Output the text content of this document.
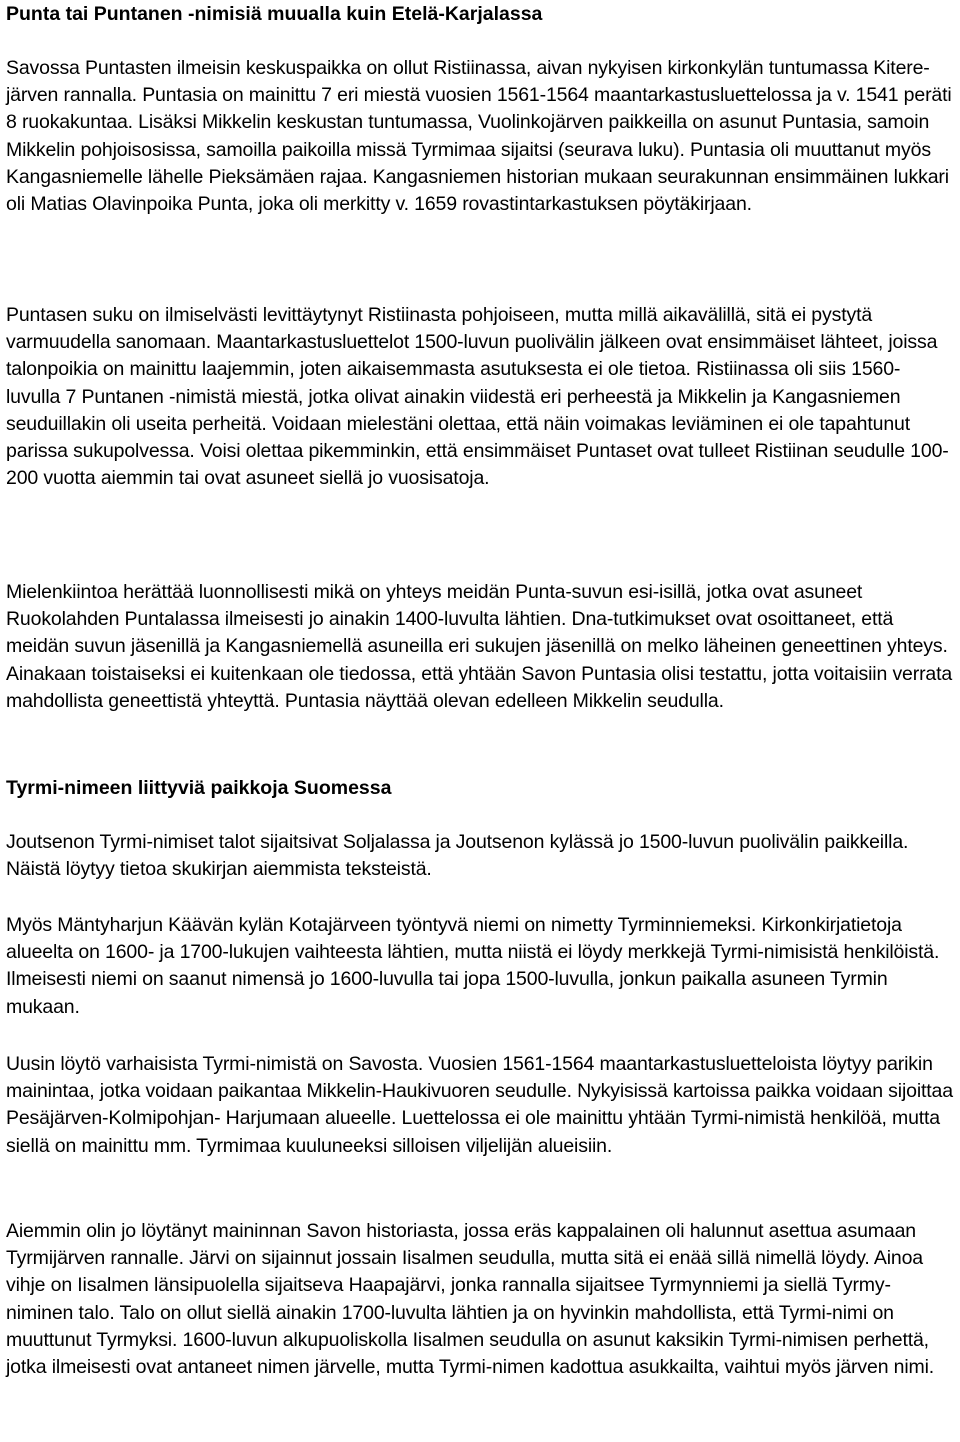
Punta tai Puntanen -nimisiä muualla kuin Etelä-Karjalassa

Savossa Puntasten ilmeisin keskuspaikka on ollut Ristiinassa, aivan nykyisen kirkonkylän tuntumassa Kitere-järven rannalla. Puntasia on mainittu 7 eri miestä vuosien 1561-1564 maantarkastusluettelossa ja v. 1541 peräti 8 ruokakuntaa. Lisäksi Mikkelin keskustan tuntumassa, Vuolinkojärven paikkeilla on asunut Puntasia, samoin Mikkelin pohjoisosissa, samoilla paikoilla missä Tyrmimaa sijaitsi (seurava luku). Puntasia oli muuttanut myös Kangasniemelle lähelle Pieksämäen rajaa. Kangasniemen historian mukaan seurakunnan ensimmäinen lukkari oli Matias Olavinpoika Punta, joka oli merkitty v. 1659 rovastintarkastuksen pöytäkirjaan.

Puntasen suku on ilmiselvästi levittäytynyt Ristiinasta pohjoiseen, mutta millä aikavälillä, sitä ei pystytä varmuudella sanomaan. Maantarkastusluettelot 1500-luvun puolivälin jälkeen ovat ensimmäiset lähteet, joissa talonpoikia on mainittu laajemmin, joten aikaisemmasta asutuksesta ei ole tietoa. Ristiinassa oli siis 1560-luvulla 7 Puntanen -nimistä miestä, jotka olivat ainakin viidestä eri perheestä ja Mikkelin ja Kangasniemen seuduillakin oli useita perheitä. Voidaan mielestäni olettaa, että näin voimakas leviäminen ei ole tapahtunut parissa sukupolvessa. Voisi olettaa pikemminkin, että ensimmäiset Puntaset ovat tulleet Ristiinan seudulle 100-200 vuotta aiemmin tai ovat asuneet siellä jo vuosisatoja.

Mielenkiintoa herättää luonnollisesti mikä on yhteys meidän Punta-suvun esi-isillä, jotka ovat asuneet Ruokolahden Puntalassa ilmeisesti jo ainakin 1400-luvulta lähtien. Dna-tutkimukset ovat osoittaneet, että meidän suvun jäsenillä ja Kangasniemellä asuneilla eri sukujen jäsenillä on melko läheinen geneettinen yhteys. Ainakaan toistaiseksi ei kuitenkaan ole tiedossa, että yhtään Savon Puntasia olisi testattu, jotta voitaisiin verrata mahdollista geneettistä yhteyttä. Puntasia näyttää olevan edelleen Mikkelin seudulla.

Tyrmi-nimeen liittyviä paikkoja Suomessa

Joutsenon Tyrmi-nimiset talot sijaitsivat Soljalassa ja Joutsenon kylässä jo 1500-luvun puolivälin paikkeilla. Näistä löytyy tietoa skukirjan aiemmista teksteistä.

Myös Mäntyharjun Käävän kylän Kotajärveen työntyvä niemi on nimetty Tyrminniemeksi. Kirkonkirjatietoja alueelta on 1600- ja 1700-lukujen vaihteesta lähtien, mutta niistä ei löydy merkkejä Tyrmi-nimisistä henkilöistä. Ilmeisesti niemi on saanut nimensä jo 1600-luvulla tai jopa 1500-luvulla, jonkun paikalla asuneen Tyrmin mukaan.

Uusin löytö varhaisista Tyrmi-nimistä on Savosta. Vuosien 1561-1564 maantarkastusluetteloista löytyy parikin mainintaa, jotka voidaan paikantaa Mikkelin-Haukivuoren seudulle. Nykyisissä kartoissa paikka voidaan sijoittaa Pesäjärven-Kolmipohjan- Harjumaan alueelle. Luettelossa ei ole mainittu yhtään Tyrmi-nimistä henkilöä, mutta siellä on mainittu mm. Tyrmimaa kuuluneeksi silloisen viljelijän alueisiin.

Aiemmin olin jo löytänyt maininnan Savon historiasta, jossa eräs kappalainen oli halunnut asettua asumaan Tyrmijärven rannalle. Järvi on sijainnut jossain Iisalmen seudulla, mutta sitä ei enää sillä nimellä löydy. Ainoa vihje on Iisalmen länsipuolella sijaitseva Haapajärvi, jonka rannalla sijaitsee Tyrmynniemi ja siellä Tyrmy-niminen talo. Talo on ollut siellä ainakin 1700-luvulta lähtien ja on hyvinkin mahdollista, että Tyrmi-nimi on muuttunut Tyrmyksi. 1600-luvun alkupuoliskolla Iisalmen seudulla on asunut kaksikin Tyrmi-nimisen perhettä, jotka ilmeisesti ovat antaneet nimen järvelle, mutta Tyrmi-nimen kadottua asukkailta, vaihtui myös järven nimi.
